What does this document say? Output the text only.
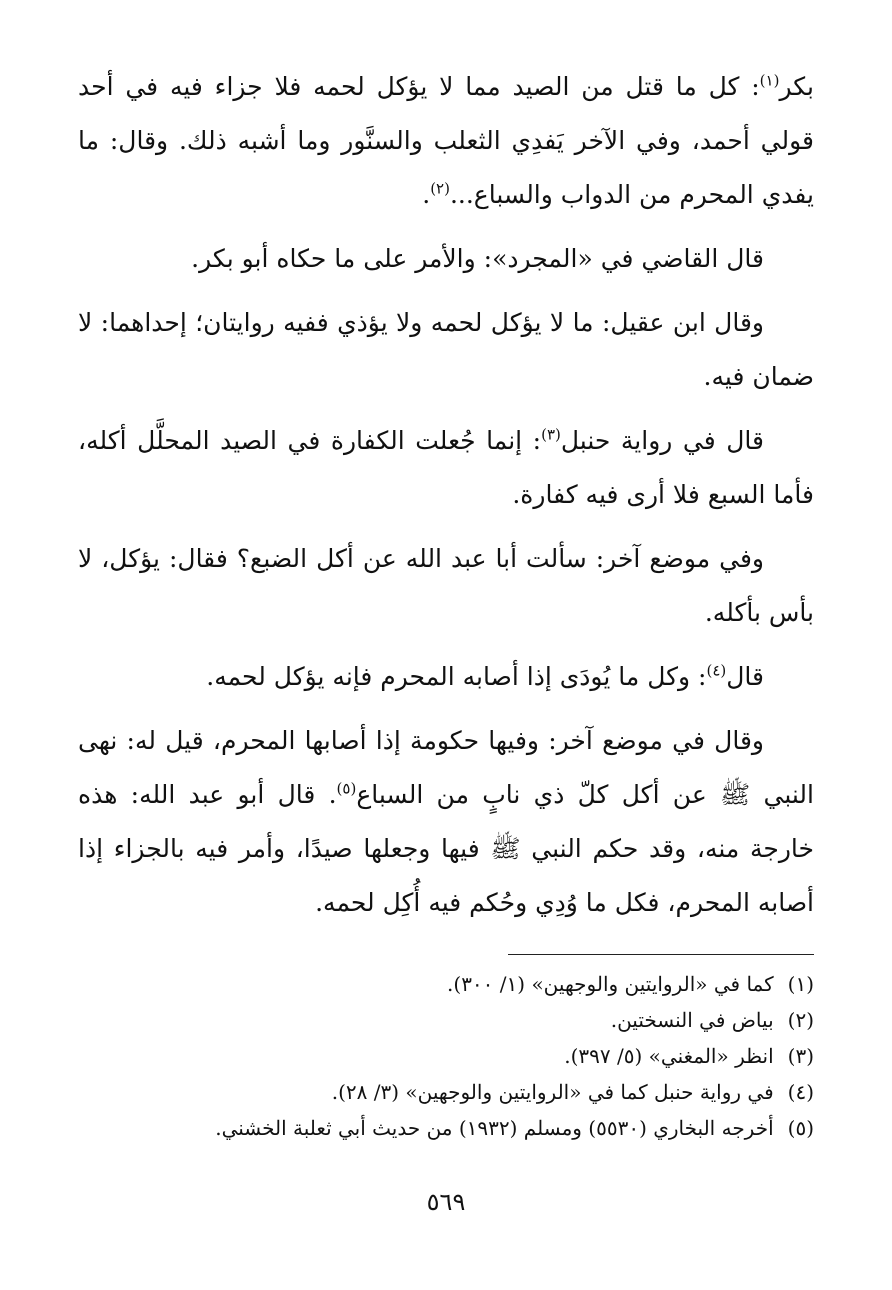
بكر$^{(١)}$: كل ما قتل من الصيد مما لا يؤكل لحمه فلا جزاء فيه في أحد قولي أحمد، وفي الآخر يَفدِي الثعلب والسنَّور وما أشبه ذلك. وقال: ما يفدي المحرم من الدواب والسباع...$^{(٢)}$.

قال القاضي في «المجرد»: والأمر على ما حكاه أبو بكر.

وقال ابن عقيل: ما لا يؤكل لحمه ولا يؤذي ففيه روايتان؛ إحداهما: لا ضمان فيه.

قال في رواية حنبل$^{(٣)}$: إنما جُعلت الكفارة في الصيد المحلَّل أكله، فأما السبع فلا أرى فيه كفارة.

وفي موضع آخر: سألت أبا عبد الله عن أكل الضبع؟ فقال: يؤكل، لا بأس بأكله.

قال$^{(٤)}$: وكل ما يُودَى إذا أصابه المحرم فإنه يؤكل لحمه.

وقال في موضع آخر: وفيها حكومة إذا أصابها المحرم، قيل له: نهى النبي ﷺ عن أكل كلّ ذي نابٍ من السباع$^{(٥)}$. قال أبو عبد الله: هذه خارجة منه، وقد حكم النبي ﷺ فيها وجعلها صيدًا، وأمر فيه بالجزاء إذا أصابه المحرم، فكل ما وُدِي وحُكم فيه أُكِل لحمه.

(١) كما في «الروايتين والوجهين» (١/ ٣٠٠).
(٢) بياض في النسختين.
(٣) انظر «المغني» (٥/ ٣٩٧).
(٤) في رواية حنبل كما في «الروايتين والوجهين» (٣/ ٢٨).
(٥) أخرجه البخاري (٥٥٣٠) ومسلم (١٩٣٢) من حديث أبي ثعلبة الخشني.
٥٦٩
